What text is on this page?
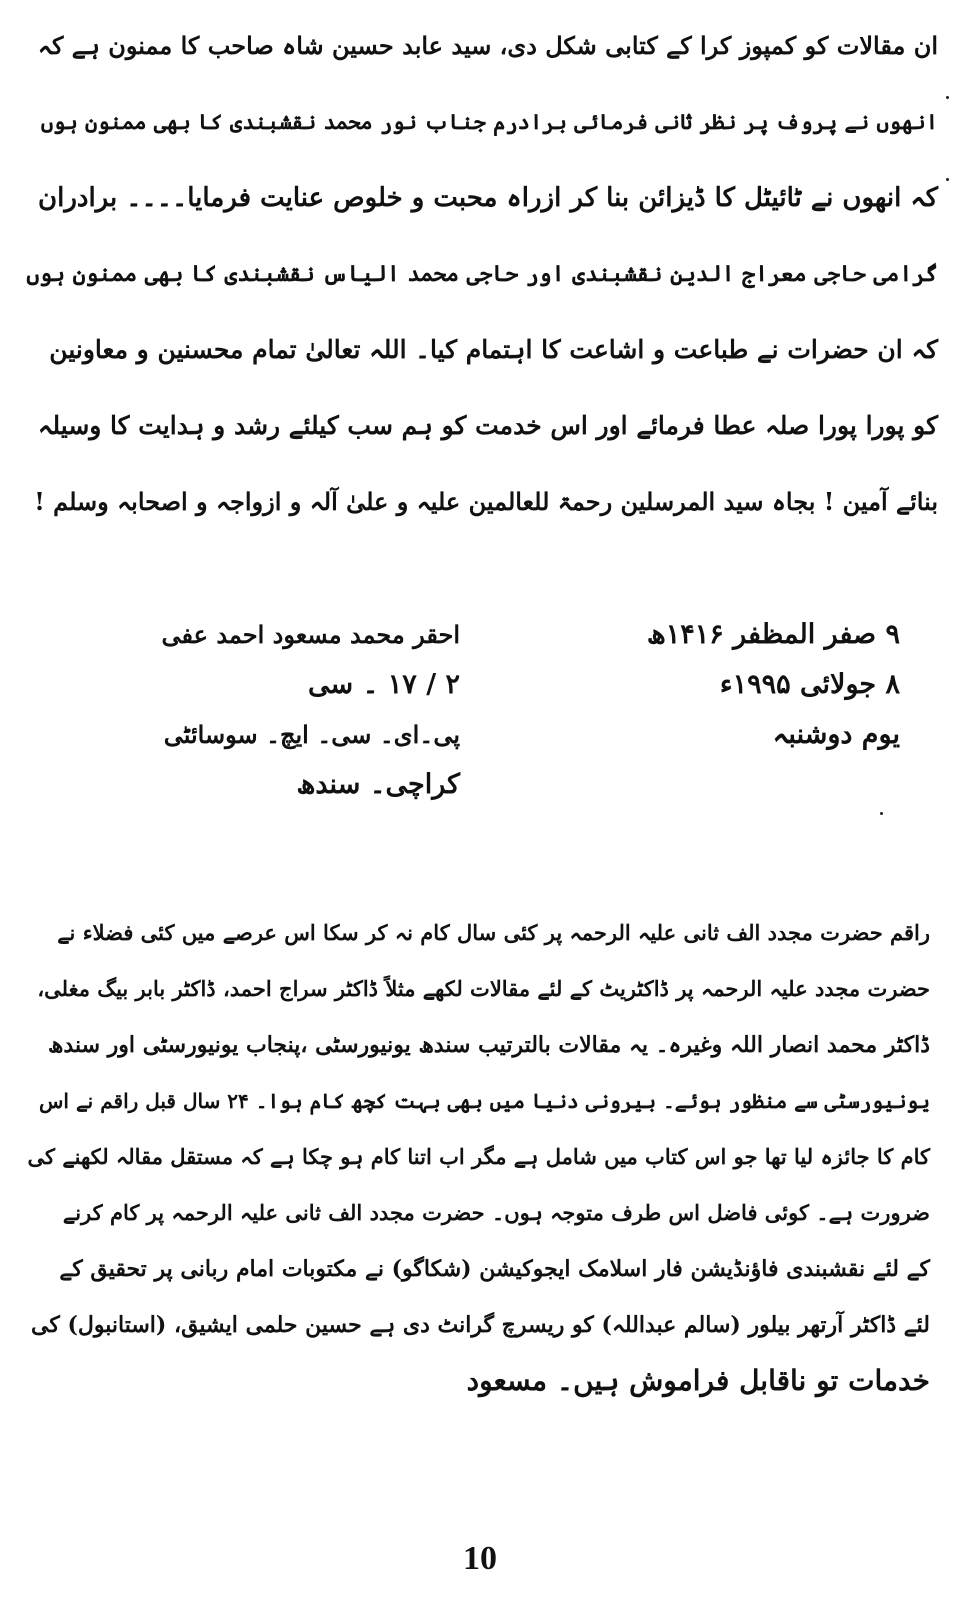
ان مقالات کو کمپوز کرا کے کتابی شکل دی، سید عابد حسین شاہ صاحب کا ممنون ہے کہ
انھوں نے پروف پر نظر ثانی فرمائی برادرم جناب نور محمد نقشبندی کا بھی ممنون ہوں
کہ انھوں نے ٹائیٹل کا ڈیزائن بنا کر ازراہ محبت و خلوص عنایت فرمایا۔۔۔۔ برادران
گرامی حاجی معراج الدین نقشبندی اور حاجی محمد الیاس نقشبندی کا بھی ممنون ہوں
کہ ان حضرات نے طباعت و اشاعت کا اہتمام کیا۔ اللہ تعالیٰ تمام محسنین و معاونین
کو پورا پورا صلہ عطا فرمائے اور اس خدمت کو ہم سب کیلئے رشد و ہدایت کا وسیلہ
بنائے آمین ! بجاہ سید المرسلین رحمۃ للعالمین علیہ و علیٰ آلہ و ازواجہ و اصحابہ وسلم !
۹ صفر المظفر ۱۴۱۶ھ
۸ جولائی ۱۹۹۵ء
یوم دوشنبہ
احقر محمد مسعود احمد عفی
۲ / ۱۷ ۔ سی
پی۔ای۔ سی۔ ایچ۔ سوسائٹی
کراچی۔ سندھ
راقم حضرت مجدد الف ثانی علیہ الرحمہ پر کئی سال کام نہ کر سکا اس عرصے میں کئی فضلاء نے
حضرت مجدد علیہ الرحمہ پر ڈاکٹریٹ کے لئے مقالات لکھے مثلاً ڈاکٹر سراج احمد، ڈاکٹر بابر بیگ مغلی،
ڈاکٹر محمد انصار اللہ وغیرہ۔ یہ مقالات بالترتیب سندھ یونیورسٹی ،پنجاب یونیورسٹی اور سندھ
یونیورسٹی سے منظور ہوئے۔ بیرونی دنیا میں بھی بہت کچھ کام ہوا۔ ۲۴ سال قبل راقم نے اس
کام کا جائزہ لیا تھا جو اس کتاب میں شامل ہے مگر اب اتنا کام ہو چکا ہے کہ مستقل مقالہ لکھنے کی
ضرورت ہے۔ کوئی فاضل اس طرف متوجہ ہوں۔ حضرت مجدد الف ثانی علیہ الرحمہ پر کام کرنے
کے لئے نقشبندی فاؤنڈیشن فار اسلامک ایجوکیشن (شکاگو) نے مکتوبات امام ربانی پر تحقیق کے
لئے ڈاکٹر آرتھر بیلور (سالم عبداللہ) کو ریسرچ گرانٹ دی ہے حسین حلمی ایشیق، (استانبول) کی
خدمات تو ناقابل فراموش ہیں۔ مسعود
10
